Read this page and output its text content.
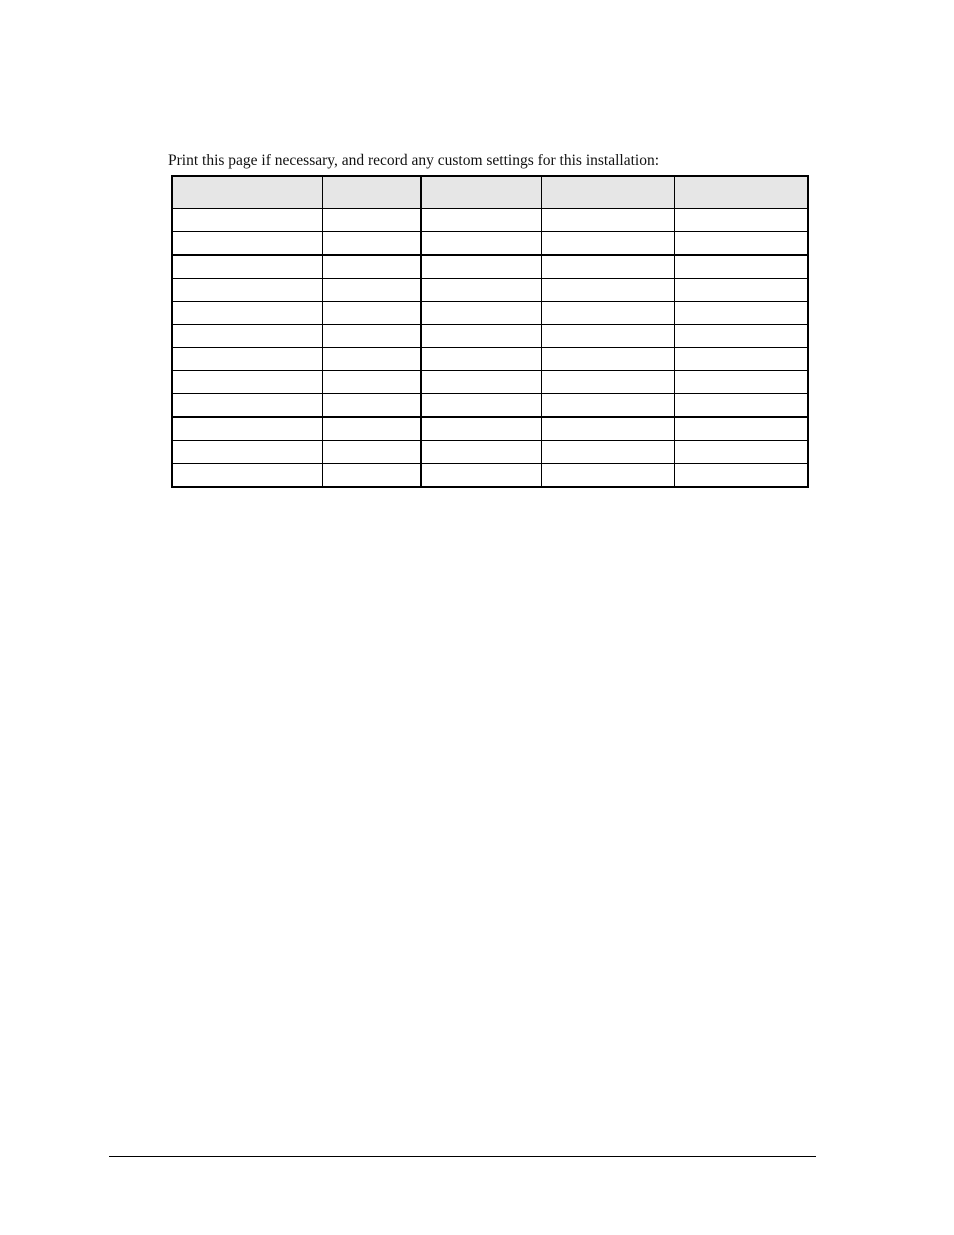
Print this page if necessary, and record any custom settings for this installation:
